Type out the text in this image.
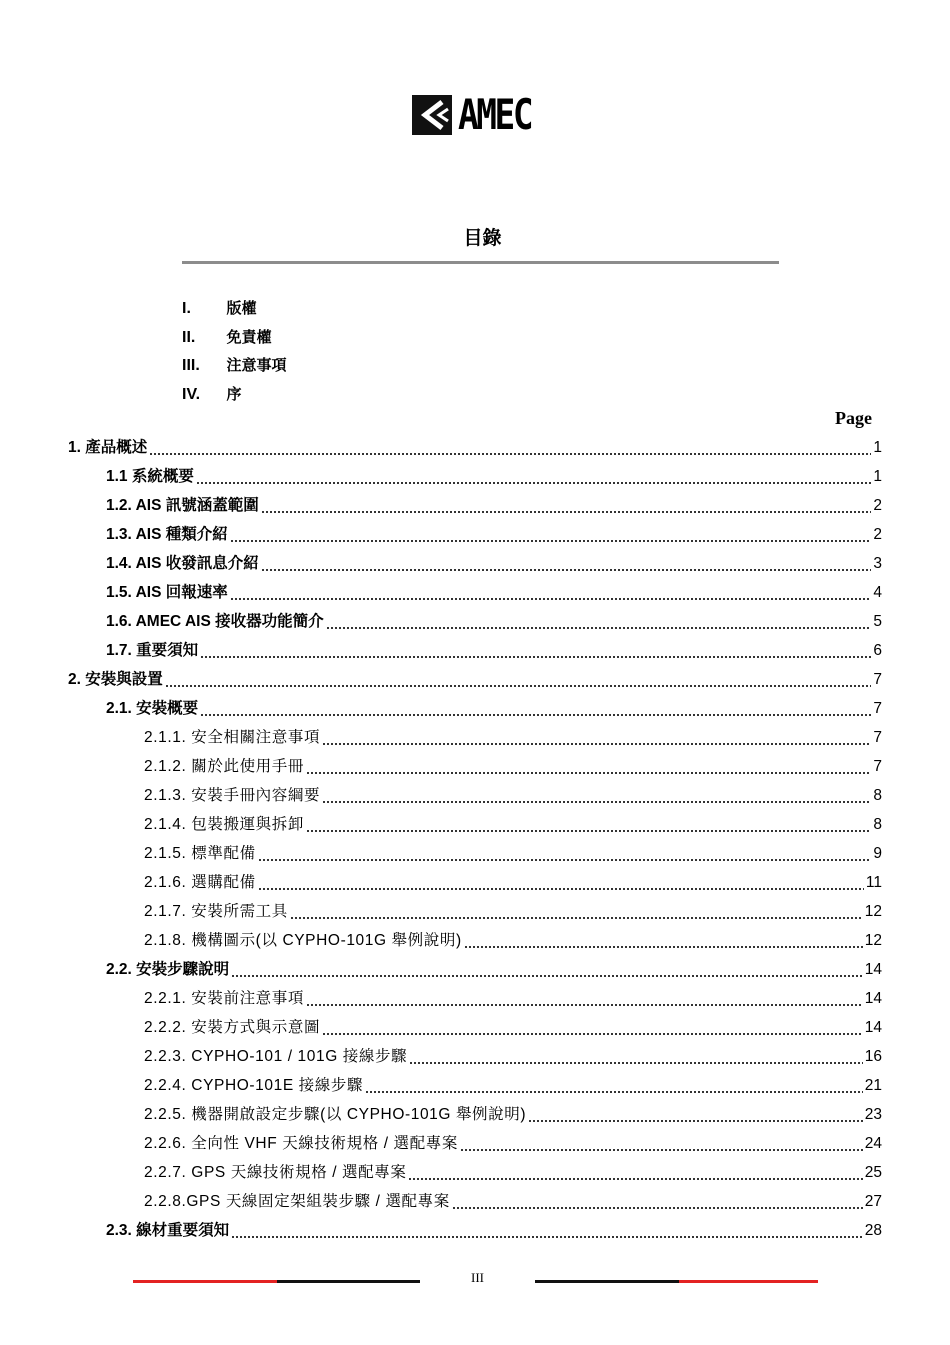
AMEC
目錄
I. 版權
II. 免責權
III. 注意事項
IV. 序
Page
1. 產品概述	1
1.1 系統概要	1
1.2. AIS 訊號涵蓋範圍	2
1.3. AIS 種類介紹	2
1.4. AIS 收發訊息介紹	3
1.5. AIS 回報速率	4
1.6. AMEC AIS 接收器功能簡介	5
1.7. 重要須知	6
2. 安裝與設置	7
2.1. 安裝概要	7
2.1.1. 安全相關注意事項	7
2.1.2. 關於此使用手冊	7
2.1.3. 安裝手冊內容綱要	8
2.1.4. 包裝搬運與拆卸	8
2.1.5. 標準配備	9
2.1.6. 選購配備	11
2.1.7. 安裝所需工具	12
2.1.8. 機構圖示(以 CYPHO-101G 舉例說明)	12
2.2. 安裝步驟說明	14
2.2.1. 安裝前注意事項	14
2.2.2. 安裝方式與示意圖	14
2.2.3. CYPHO-101 / 101G 接線步驟	16
2.2.4. CYPHO-101E 接線步驟	21
2.2.5. 機器開啟設定步驟(以 CYPHO-101G 舉例說明)	23
2.2.6. 全向性 VHF 天線技術規格 / 選配專案	24
2.2.7. GPS 天線技術規格 / 選配專案	25
2.2.8.GPS 天線固定架組裝步驟 / 選配專案	27
2.3. 線材重要須知	28
III
